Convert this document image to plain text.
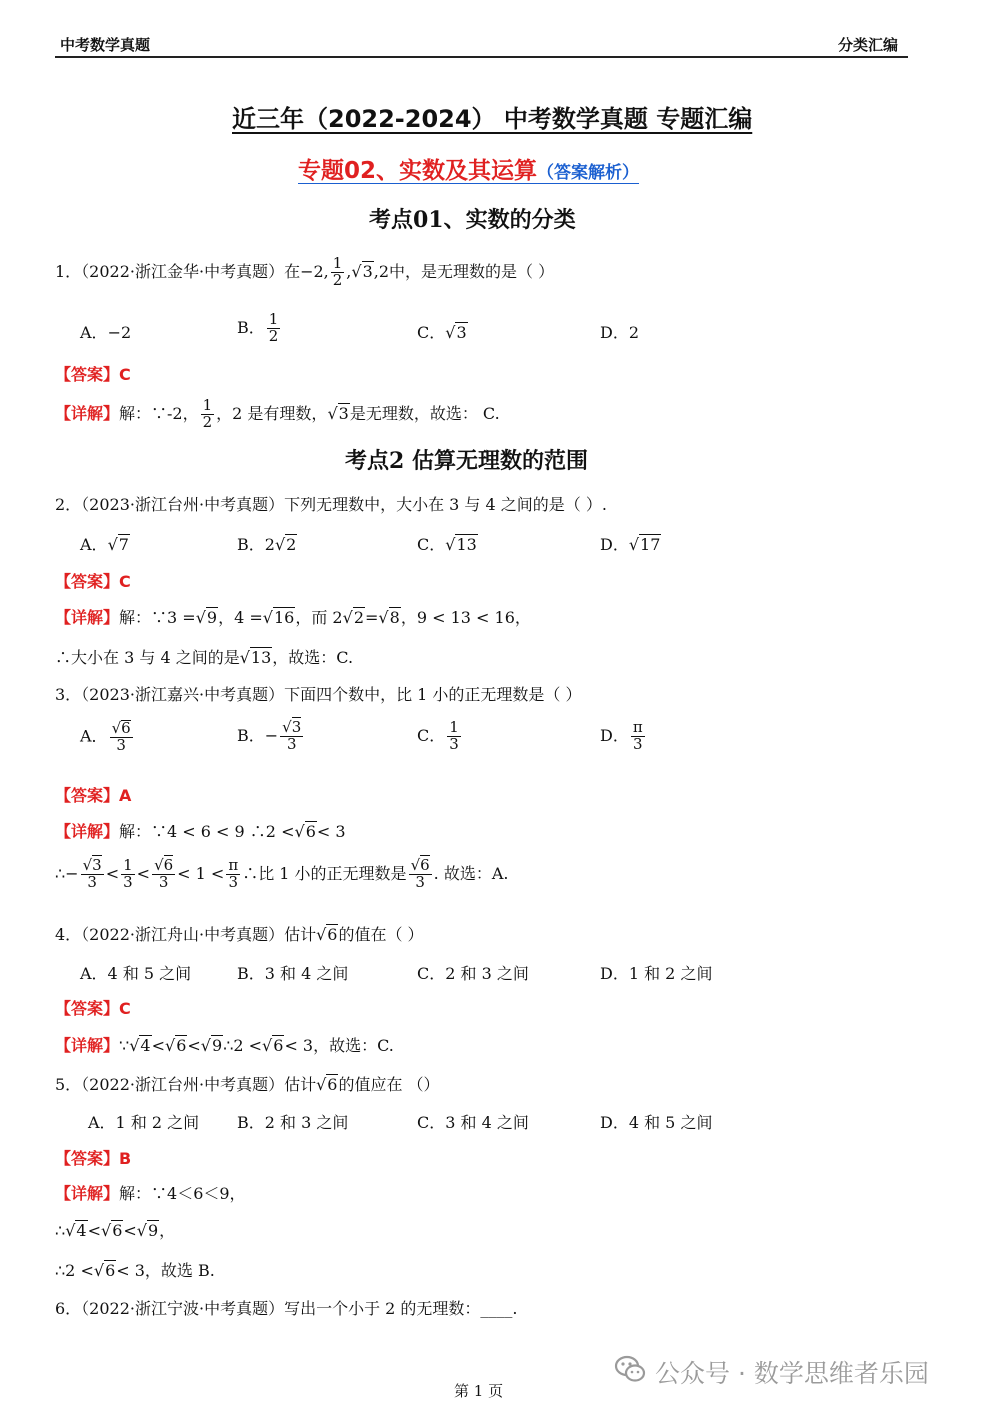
中考数学真题	分类汇编
近三年（2022-2024） 中考数学真题 专题汇编
专题02、实数及其运算（答案解析）
考点01、实数的分类
1．（2022·浙江金华·中考真题）在−2, $\frac{1}{2} ,√3,2$中，是无理数的是（ ）
A．−2	B． $\frac{1}{2}$	C．√3	D．2
【答案】C
【详解】解：∵-2， $\frac{1}{2}$ ，2 是有理数，√3是无理数，故选： C.
考点2 估算无理数的范围
2．（2023·浙江台州·中考真题）下列无理数中，大小在 3 与 4 之间的是（ ）.
A．√7	B．2√2	C．√13	D．√17
【答案】C
【详解】解：∵3 =√9，4 =√16，而 2√2=√8，9 < 13 < 16，
∴大小在 3 与 4 之间的是√13，故选：C.
3．（2023·浙江嘉兴·中考真题）下面四个数中，比 1 小的正无理数是（ ）
A． $\frac{√6}{3}$	B．− $\frac{√3}{3}$	C． $\frac{1}{3}$	D． $\frac{\pi}{3}$
【答案】A
【详解】解：∵4 < 6 < 9 ∴2 <√6< 3
∴− $\frac{√3}{3} < \frac{1}{3} < \frac{√6}{3} < 1 < \frac{\pi}{3}$ ∴比 1 小的正无理数是 $\frac{√6}{3}$ . 故选：A.
4．（2022·浙江舟山·中考真题）估计√6的值在（ ）
A．4 和 5 之间	B．3 和 4 之间	C．2 和 3 之间	D．1 和 2 之间
【答案】C
【详解】∵√4<√6<√9∴2 <√6< 3，故选：C.
5．（2022·浙江台州·中考真题）估计√6的值应在 （）
A．1 和 2 之间 B．2 和 3 之间	C．3 和 4 之间	D．4 和 5 之间
【答案】B
【详解】解：∵4＜6＜9，
∴√4<√6<√9，
∴2 <√6< 3，故选 B.
6．（2022·浙江宁波·中考真题）写出一个小于 2 的无理数：____.
公众号 · 数学思维者乐园
第 1 页
